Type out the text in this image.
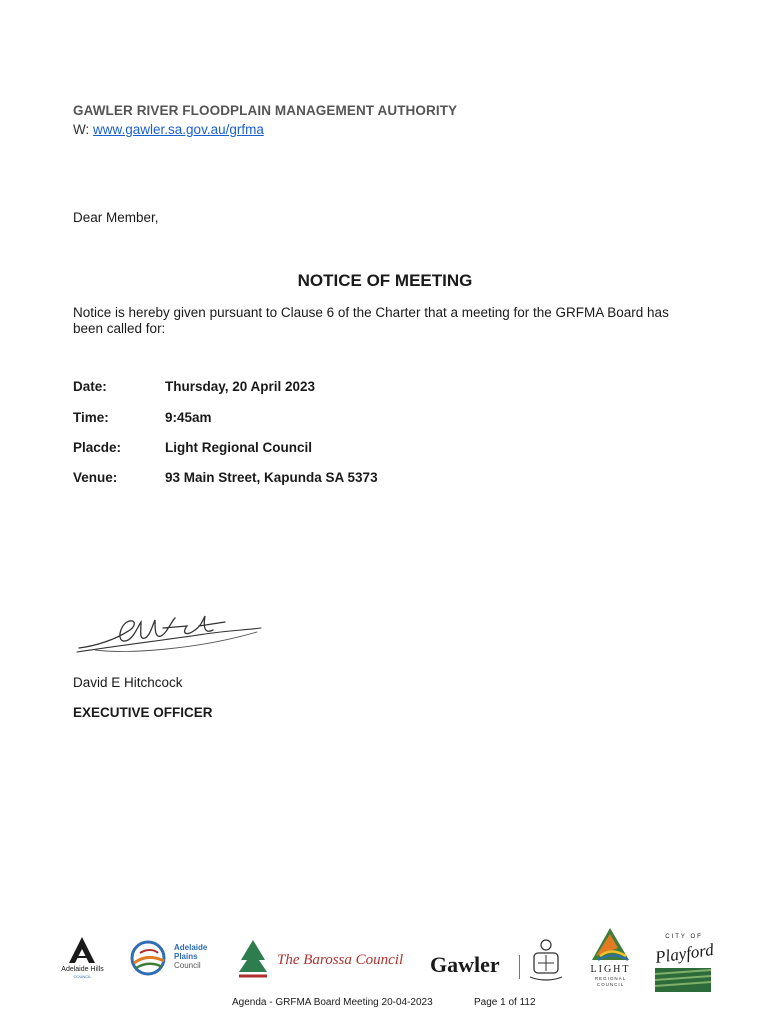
GAWLER RIVER FLOODPLAIN MANAGEMENT AUTHORITY
W: www.gawler.sa.gov.au/grfma
Dear Member,
NOTICE OF MEETING
Notice is hereby given pursuant to Clause 6 of the Charter that a meeting for the GRFMA Board has been called for:
Date:	Thursday, 20 April 2023
Time:	9:45am
Placde:	Light Regional Council
Venue:	93 Main Street, Kapunda SA 5373
David E Hitchcock
EXECUTIVE OFFICER
Adelaide Hills
COUNCIL
Adelaide
Plains
Council	The Barossa Council Gawler	LIGHT
REGIONAL
COUNCIL
CITY OF
Playford
Agenda - GRFMA Board Meeting 20-04-2023	Page 1 of 112
